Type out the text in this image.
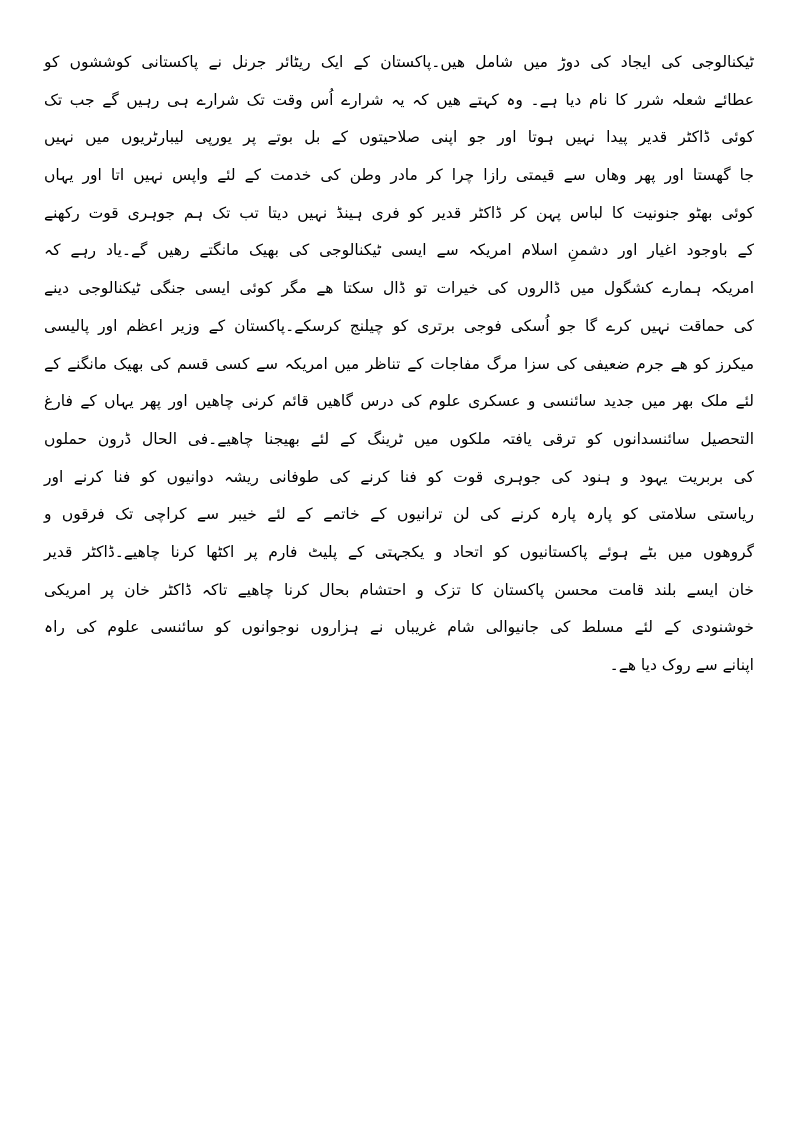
ٹیکنالوجی کی ایجاد کی دوڑ میں شامل ھیں۔پاکستان کے ایک ریٹائر جرنل نے پاکستانی کوششوں کو
عطائے شعلہ شرر کا نام دیا ہے۔ وہ کہتے ھیں کہ یہ شرارے اُس وقت تک شرارے ہی رہیں گے جب تک
کوئی ڈاکٹر قدیر پیدا نہیں ہوتا اور جو اپنی صلاحیتوں کے بل بوتے پر یورپی لیبارٹریوں میں نہیں
جا گھستا اور پھر وھاں سے قیمتی رازا چرا کر مادر وطن کی خدمت کے لئے واپس نہیں اتا اور یہاں
کوئی بھٹو جنونیت کا لباس پہن کر ڈاکٹر قدیر کو فری ہینڈ نہیں دیتا تب تک ہم جوہری قوت رکھنے
کے باوجود اغیار اور دشمنِ اسلام امریکہ سے ایسی ٹیکنالوجی کی بھیک مانگتے رھیں گے۔یاد رہے کہ
امریکہ ہمارے کشگول میں ڈالروں کی خیرات تو ڈال سکتا ھے مگر کوئی ایسی جنگی ٹیکنالوجی دینے
کی حماقت نہیں کرے گا جو اُسکی فوجی برتری کو چیلنج کرسکے۔پاکستان کے وزیر اعظم اور پالیسی
میکرز کو ھے جرم ضعیفی کی سزا مرگ مفاجات کے تناظر میں امریکہ سے کسی قسم کی بھیک مانگنے کے
لئے ملک بھر میں جدید سائنسی و عسکری علوم کی درس گاھیں قائم کرنی چاھیں اور پھر یہاں کے فارغ
التحصیل سائنسدانوں کو ترقی یافتہ ملکوں میں ٹرینگ کے لئے بھیجنا چاھیے۔فی الحال ڈرون حملوں
کی بربریت یہود و ہنود کی جوہری قوت کو فنا کرنے کی طوفانی ریشہ دوانیوں کو فنا کرنے اور
ریاستی سلامتی کو پارہ پارہ کرنے کی لن ترانیوں کے خاتمے کے لئے خیبر سے کراچی تک فرقوں و
گروھوں میں بٹے ہوئے پاکستانیوں کو اتحاد و یکجہتی کے پلیٹ فارم پر اکٹھا کرنا چاھیے۔ڈاکٹر قدیر
خان ایسے بلند قامت محسن پاکستان کا تزک و احتشام بحال کرنا چاھیے تاکہ ڈاکٹر خان پر امریکی
خوشنودی کے لئے مسلط کی جانیوالی شام غریباں نے ہزاروں نوجوانوں کو سائنسی علوم کی راہ
اپنانے سے روک دیا ھے۔
